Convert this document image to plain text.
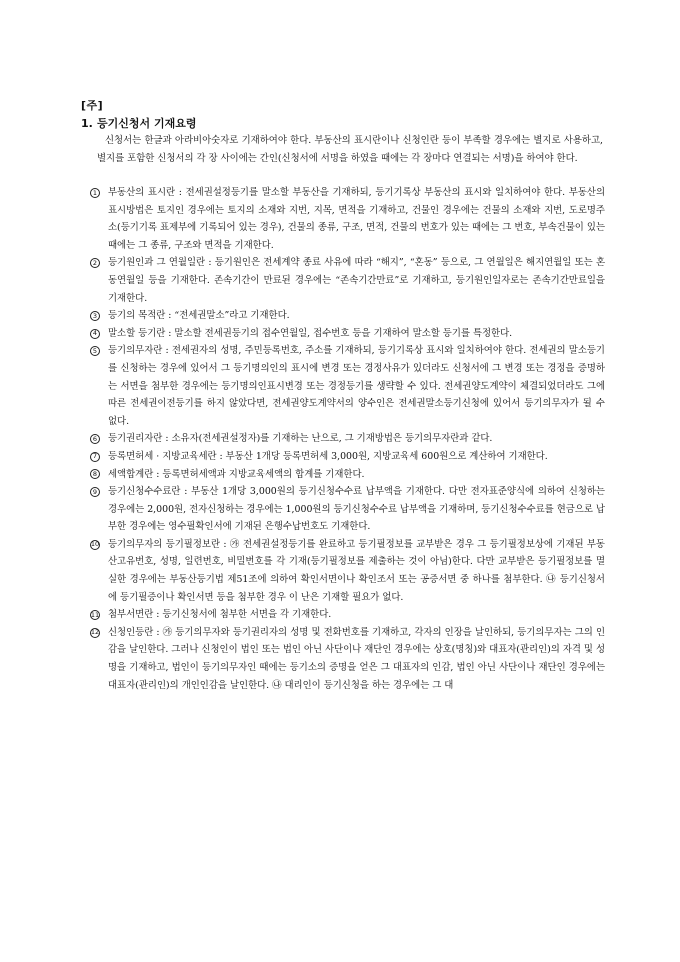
[주]
1. 등기신청서 기재요령

신청서는 한글과 아라비아숫자로 기재하여야 한다. 부동산의 표시란이나 신청인란 등이 부족할 경우에는 별지로 사용하고, 별지를 포함한 신청서의 각 장 사이에는 간인(신청서에 서명을 하였을 때에는 각 장마다 연결되는 서명)을 하여야 한다.

1	부동산의 표시란 : 전세권설정등기를 말소할 부동산을 기재하되, 등기기록상 부동산의 표시와 일치하여야 한다. 부동산의 표시방법은 토지인 경우에는 토지의 소재와 지번, 지목, 면적을 기재하고, 건물인 경우에는 건물의 소재와 지번, 도로명주소(등기기록 표제부에 기록되어 있는 경우), 건물의 종류, 구조, 면적, 건물의 번호가 있는 때에는 그 번호, 부속건물이 있는 때에는 그 종류, 구조와 면적을 기재한다.
2	등기원인과 그 연월일란 : 등기원인은 전세계약 종료 사유에 따라 “해지”, “혼동” 등으로, 그 연월일은 해지연월일 또는 혼동연월일 등을 기재한다. 존속기간이 만료된 경우에는 “존속기간만료”로 기재하고, 등기원인일자로는 존속기간만료일을 기재한다.
3	등기의 목적란 : “전세권말소”라고 기재한다.
4	말소할 등기란 : 말소할 전세권등기의 접수연월일, 접수번호 등을 기재하여 말소할 등기를 특정한다.
5	등기의무자란 : 전세권자의 성명, 주민등록번호, 주소를 기재하되, 등기기록상 표시와 일치하여야 한다. 전세권의 말소등기를 신청하는 경우에 있어서 그 등기명의인의 표시에 변경 또는 경정사유가 있더라도 신청서에 그 변경 또는 경정을 증명하는 서면을 첨부한 경우에는 등기명의인표시변경 또는 경정등기를 생략할 수 있다. 전세권양도계약이 체결되었더라도 그에 따른 전세권이전등기를 하지 않았다면, 전세권양도계약서의 양수인은 전세권말소등기신청에 있어서 등기의무자가 될 수 없다.
6	등기권리자란 : 소유자(전세권설정자)를 기재하는 난으로, 그 기재방법은 등기의무자란과 같다.
7	등록면허세 · 지방교육세란 : 부동산 1개당 등록면허세 3,000원, 지방교육세 600원으로 계산하여 기재한다.
8	세액합계란 : 등록면허세액과 지방교육세액의 합계를 기재한다.
9	등기신청수수료란 : 부동산 1개당 3,000원의 등기신청수수료 납부액을 기재한다. 다만 전자표준양식에 의하여 신청하는 경우에는 2,000원, 전자신청하는 경우에는 1,000원의 등기신청수수료 납부액을 기재하며, 등기신청수수료를 현금으로 납부한 경우에는 영수필확인서에 기재된 은행수납번호도 기재한다.
10 등기의무자의 등기필정보란 : ㉮ 전세권설정등기를 완료하고 등기필정보를 교부받은 경우 그 등기필정보상에 기재된 부동산고유번호, 성명, 일련번호, 비밀번호를 각 기재(등기필정보를 제출하는 것이 아님)한다. 다만 교부받은 등기필정보를 멸실한 경우에는 부동산등기법 제51조에 의하여 확인서면이나 확인조서 또는 공증서면 중 하나를 첨부한다. ㉯ 등기신청서에 등기필증이나 확인서면 등을 첨부한 경우 이 난은 기재할 필요가 없다.
11 첨부서면란 : 등기신청서에 첨부한 서면을 각 기재한다.
12 신청인등란 : ㉮ 등기의무자와 등기권리자의 성명 및 전화번호를 기재하고, 각자의 인장을 날인하되, 등기의무자는 그의 인감을 날인한다. 그러나 신청인이 법인 또는 법인 아닌 사단이나 재단인 경우에는 상호(명칭)와 대표자(관리인)의 자격 및 성명을 기재하고, 법인이 등기의무자인 때에는 등기소의 증명을 얻은 그 대표자의 인감, 법인 아닌 사단이나 재단인 경우에는 대표자(관리인)의 개인인감을 날인한다. ㉯ 대리인이 등기신청을 하는 경우에는 그 대
